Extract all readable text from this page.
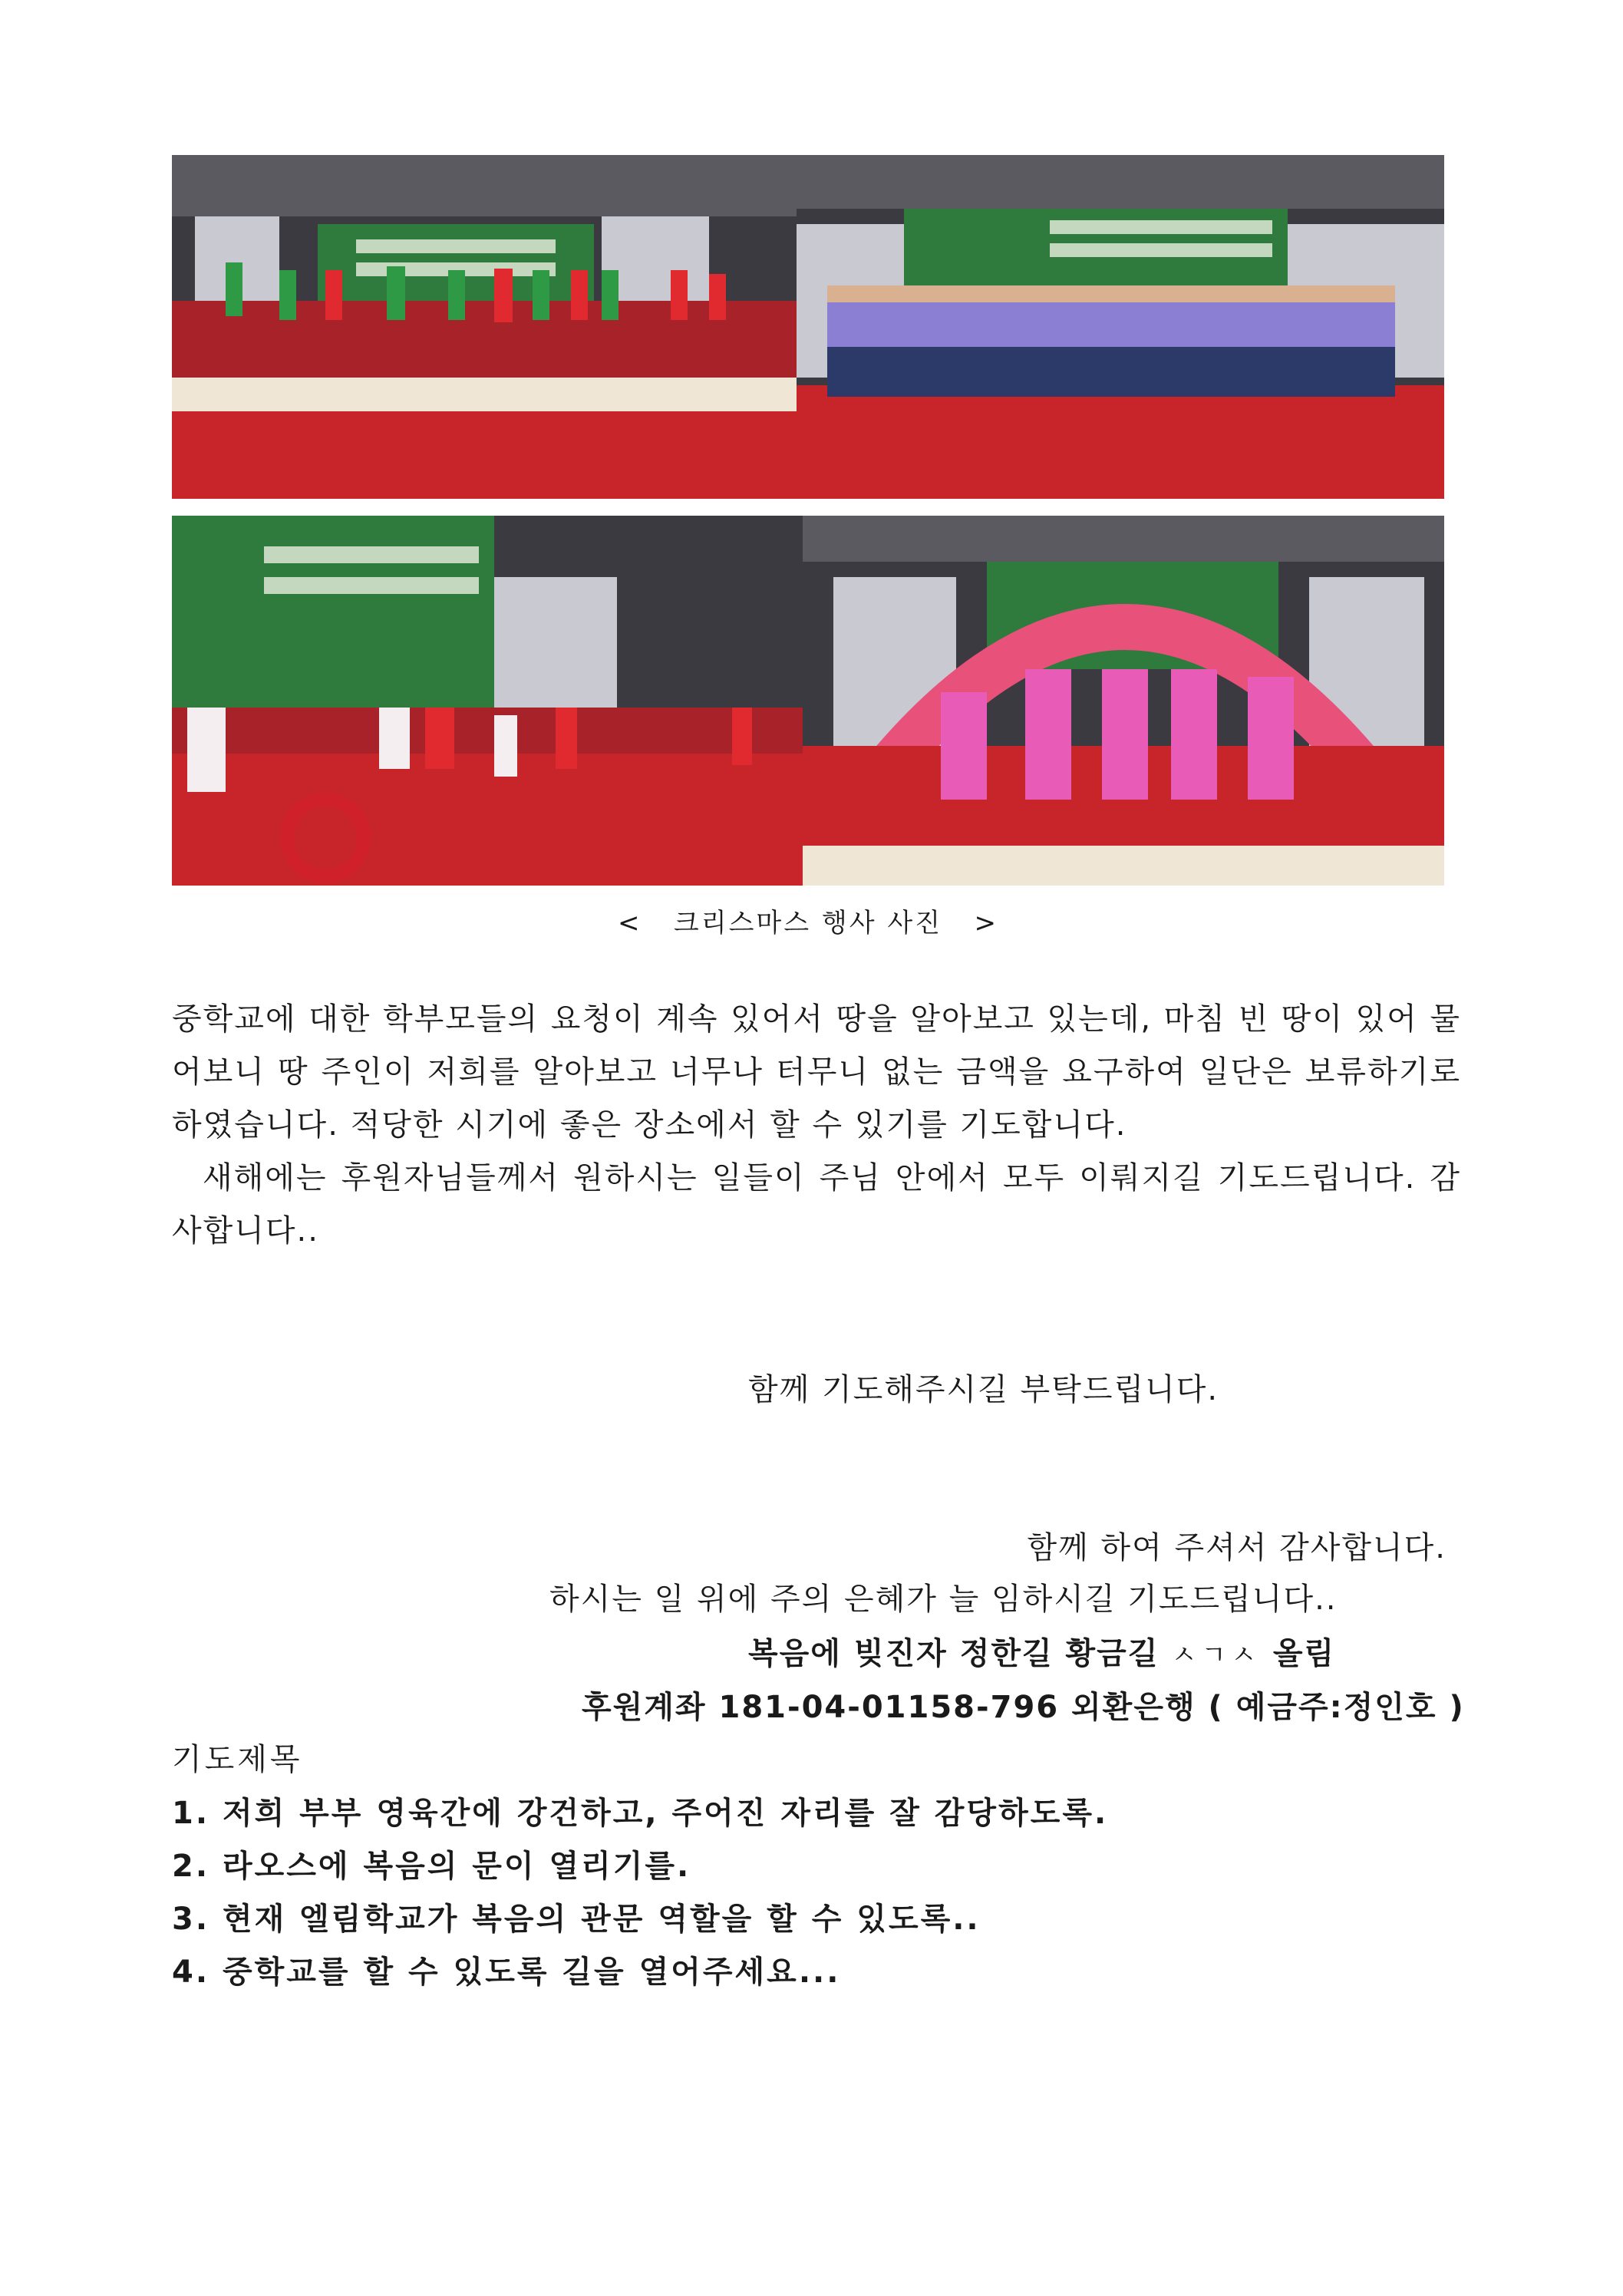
<   크리스마스 행사 사진   >

중학교에 대한 학부모들의 요청이 계속 있어서 땅을 알아보고 있는데, 마침 빈 땅이 있어 물어보니 땅 주인이 저희를 알아보고 너무나 터무니 없는 금액을 요구하여 일단은 보류하기로 하였습니다. 적당한 시기에 좋은 장소에서 할 수 있기를 기도합니다.

새해에는 후원자님들께서 원하시는 일들이 주님 안에서 모두 이뤄지길 기도드립니다. 감사합니다..

함께 기도해주시길 부탁드립니다.
함께 하여 주셔서 감사합니다.
하시는 일 위에 주의 은혜가 늘 임하시길 기도드립니다..
복음에 빚진자 정한길 황금길 ㅅㄱㅅ 올림
후원계좌 181-04-01158-796 외환은행 ( 예금주:정인호 )
기도제목
1. 저희 부부 영육간에 강건하고, 주어진 자리를 잘 감당하도록.
2. 라오스에 복음의 문이 열리기를.
3. 현재 엘림학교가 복음의 관문 역할을 할 수 있도록..
4. 중학교를 할 수 있도록 길을 열어주세요...
